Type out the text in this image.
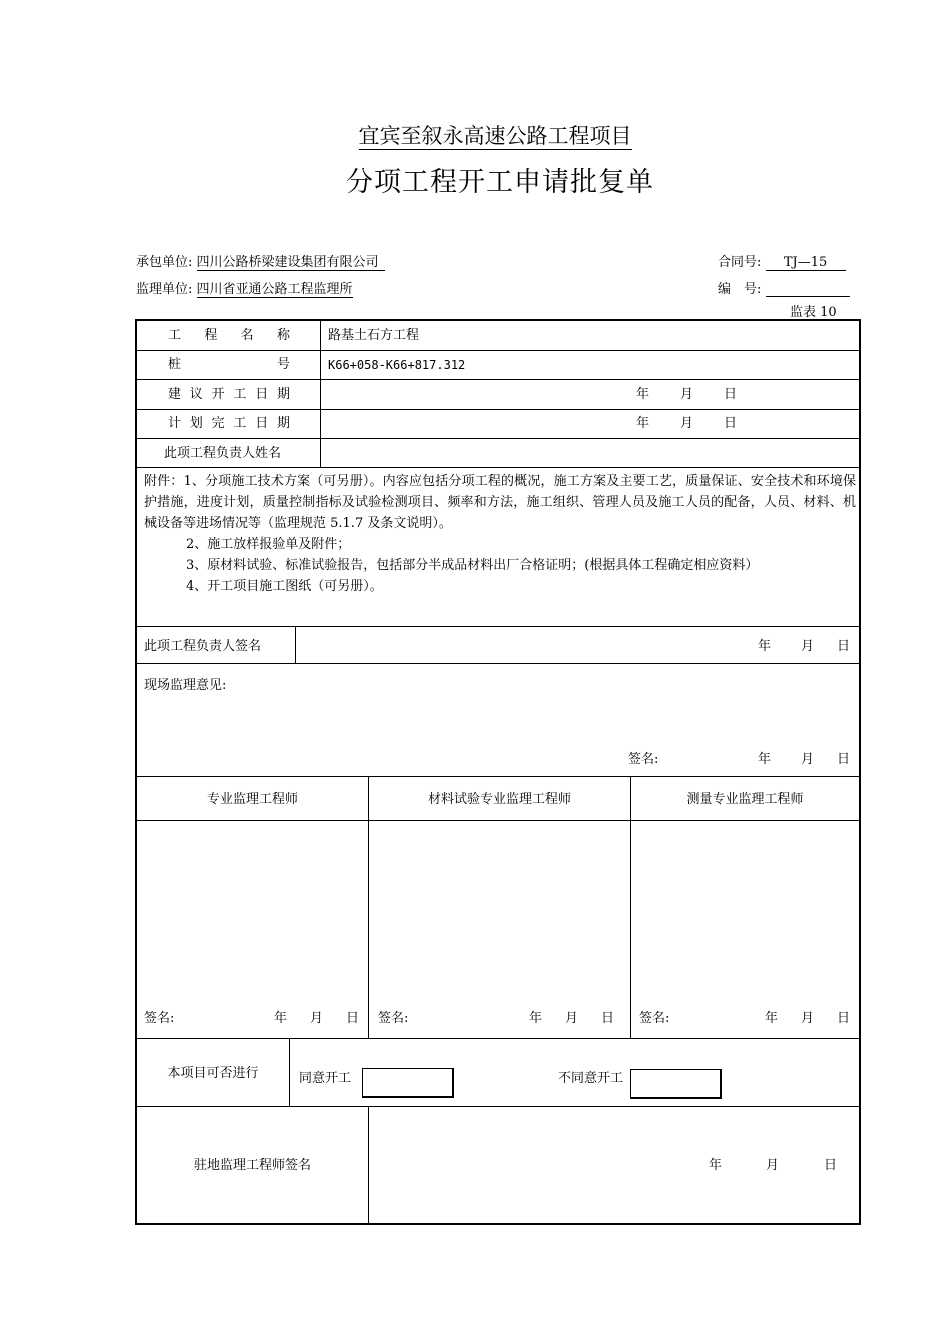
宜宾至叙永高速公路工程项目
分项工程开工申请批复单
承包单位: 四川公路桥梁建设集团有限公司
监理单位: 四川省亚通公路工程监理所
合同号: TJ—15
编　号:
监表 10
工 程 名 称	路基土石方工程
桩	号	K66+058-K66+817.312
建 议 开 工 日 期	年 月 日
计 划 完 工 日 期	年 月 日
此项工程负责人姓名

附件：1、分项施工技术方案（可另册）。内容应包括分项工程的概况，施工方案及主要工艺，质量保证、安全技术和环境保护措施，进度计划，质量控制指标及试验检测项目、频率和方法，施工组织、管理人员及施工人员的配备，人员、材料、机械设备等进场情况等（监理规范 5.1.7 及条文说明）。

2、施工放样报验单及附件；

3、原材料试验、标准试验报告，包括部分半成品材料出厂合格证明；(根据具体工程确定相应资料）

4、开工项目施工图纸（可另册）。

此项工程负责人签名	年 月 日
现场监理意见:
签名:	年 月 日
专业监理工程师	材料试验专业监理工程师	测量专业监理工程师
签名:	年 月 日 签名:	年 月 日 签名:	年 月 日
本项目可否进行	同意开工	不同意开工
驻地监理工程师签名	年	月	日
